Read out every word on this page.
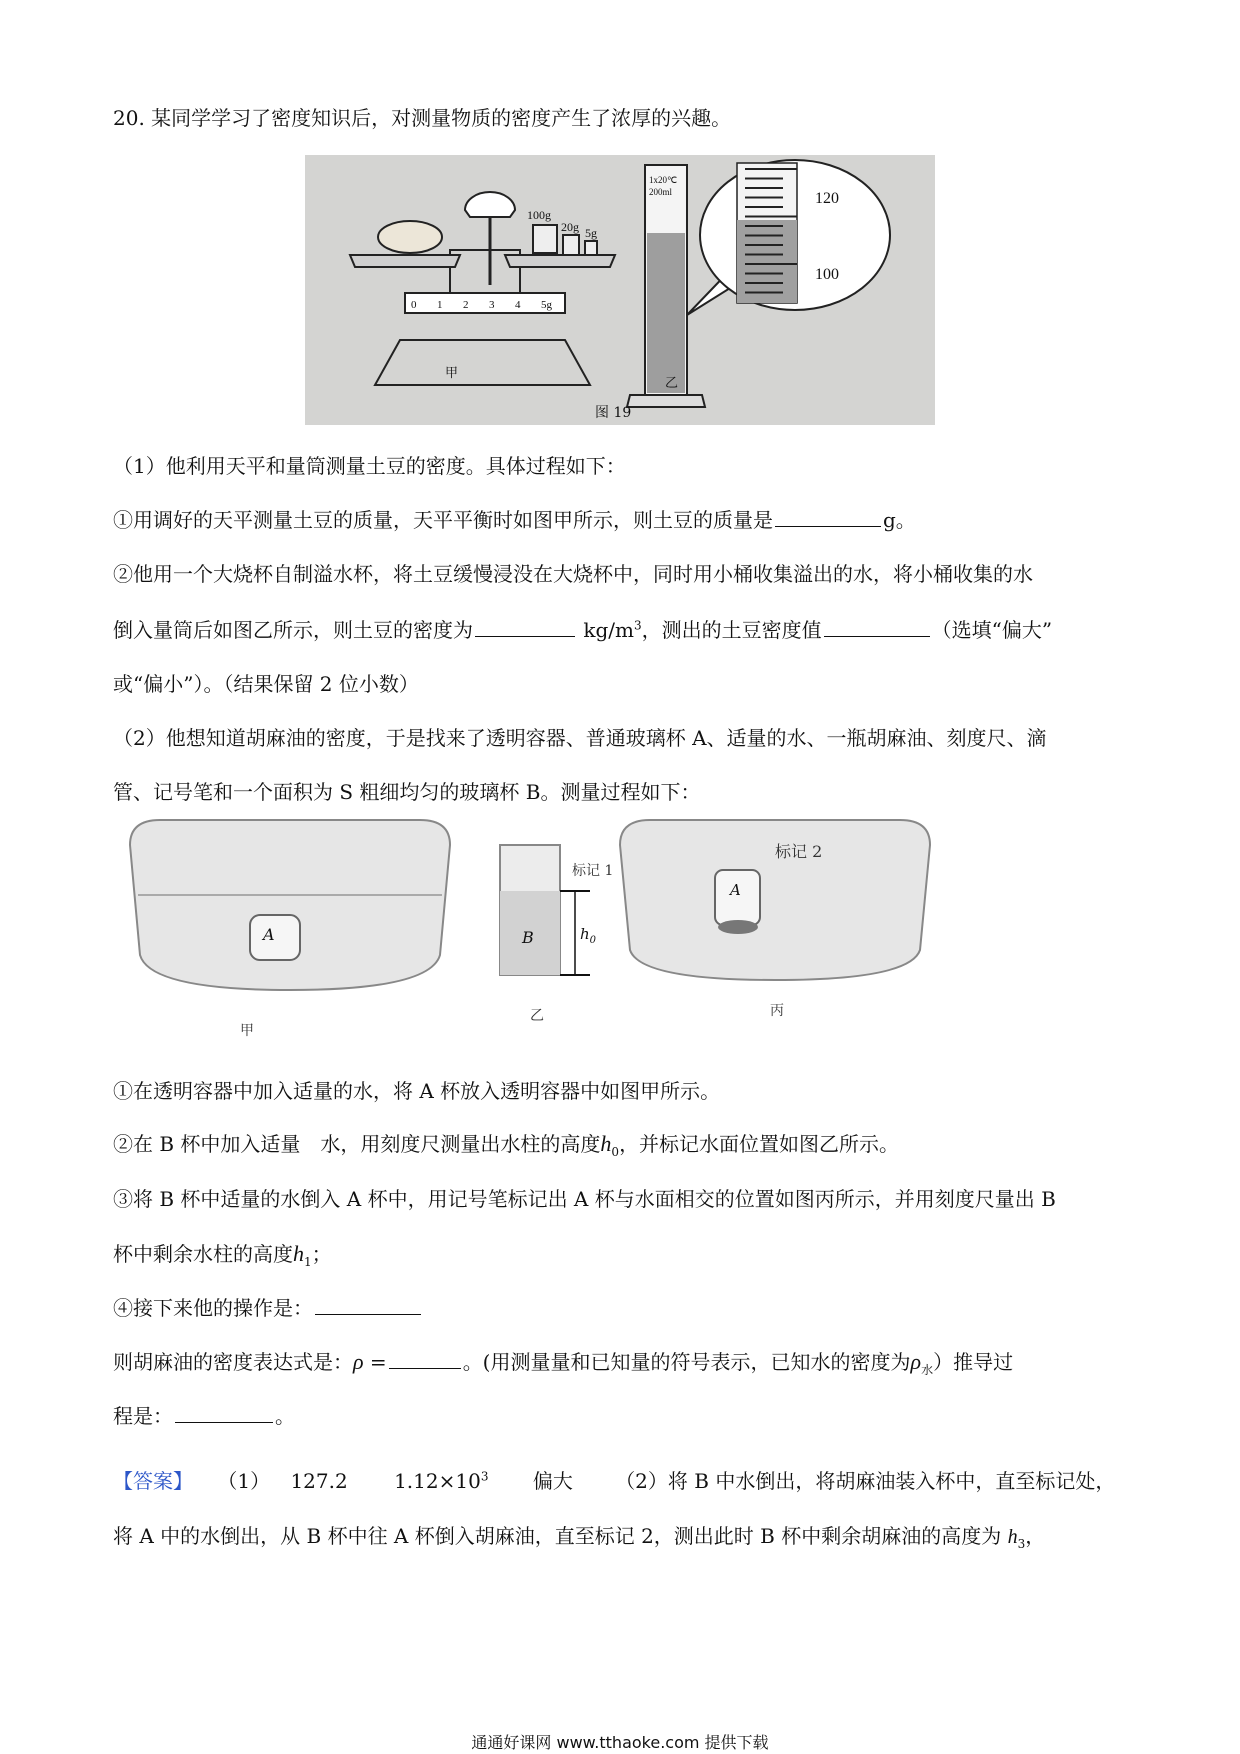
20. 某同学学习了密度知识后，对测量物质的密度产生了浓厚的兴趣。
120
100
1x20℃
200ml
100g
20g 5g
0 1 2 3 4 5g
甲
乙
图 19
（1）他利用天平和量筒测量土豆的密度。具体过程如下：
①用调好的天平测量土豆的质量，天平平衡时如图甲所示，则土豆的质量是	g。
②他用一个大烧杯自制溢水杯，将土豆缓慢浸没在大烧杯中，同时用小桶收集溢出的水，将小桶收集的水
倒入量筒后如图乙所示，则土豆的密度为	$kg/m^3$，测出的土豆密度值	（选填“偏大”
或“偏小”）。（结果保留 2 位小数）
（2）他想知道胡麻油的密度，于是找来了透明容器、普通玻璃杯 A、适量的水、一瓶胡麻油、刻度尺、滴
管、记号笔和一个面积为 S 粗细均匀的玻璃杯 B。测量过程如下：
A
甲
标记 1
B	$h_0$
乙
A
标记 2
丙
①在透明容器中加入适量的水，将 A 杯放入透明容器中如图甲所示。
②在 B 杯中加入适量　水，用刻度尺测量出水柱的高度$h_0$，并标记水面位置如图乙所示。
③将 B 杯中适量的水倒入 A 杯中，用记号笔标记出 A 杯与水面相交的位置如图丙所示，并用刻度尺量出 B
杯中剩余水柱的高度$h_1$；
④接下来他的操作是：
则胡麻油的密度表达式是：ρ =	。(用测量量和已知量的符号表示，已知水的密度为$\rho_水$）推导过
程是：	。
【答案】 （1） 127.2 $1.12\times 10^3$ 偏大 （2）将 B 中水倒出，将胡麻油装入杯中，直至标记处，
将 A 中的水倒出，从 B 杯中往 A 杯倒入胡麻油，直至标记 2，测出此时 B 杯中剩余胡麻油的高度为 $h_3$，
通通好课网 www.tthaoke.com 提供下载
